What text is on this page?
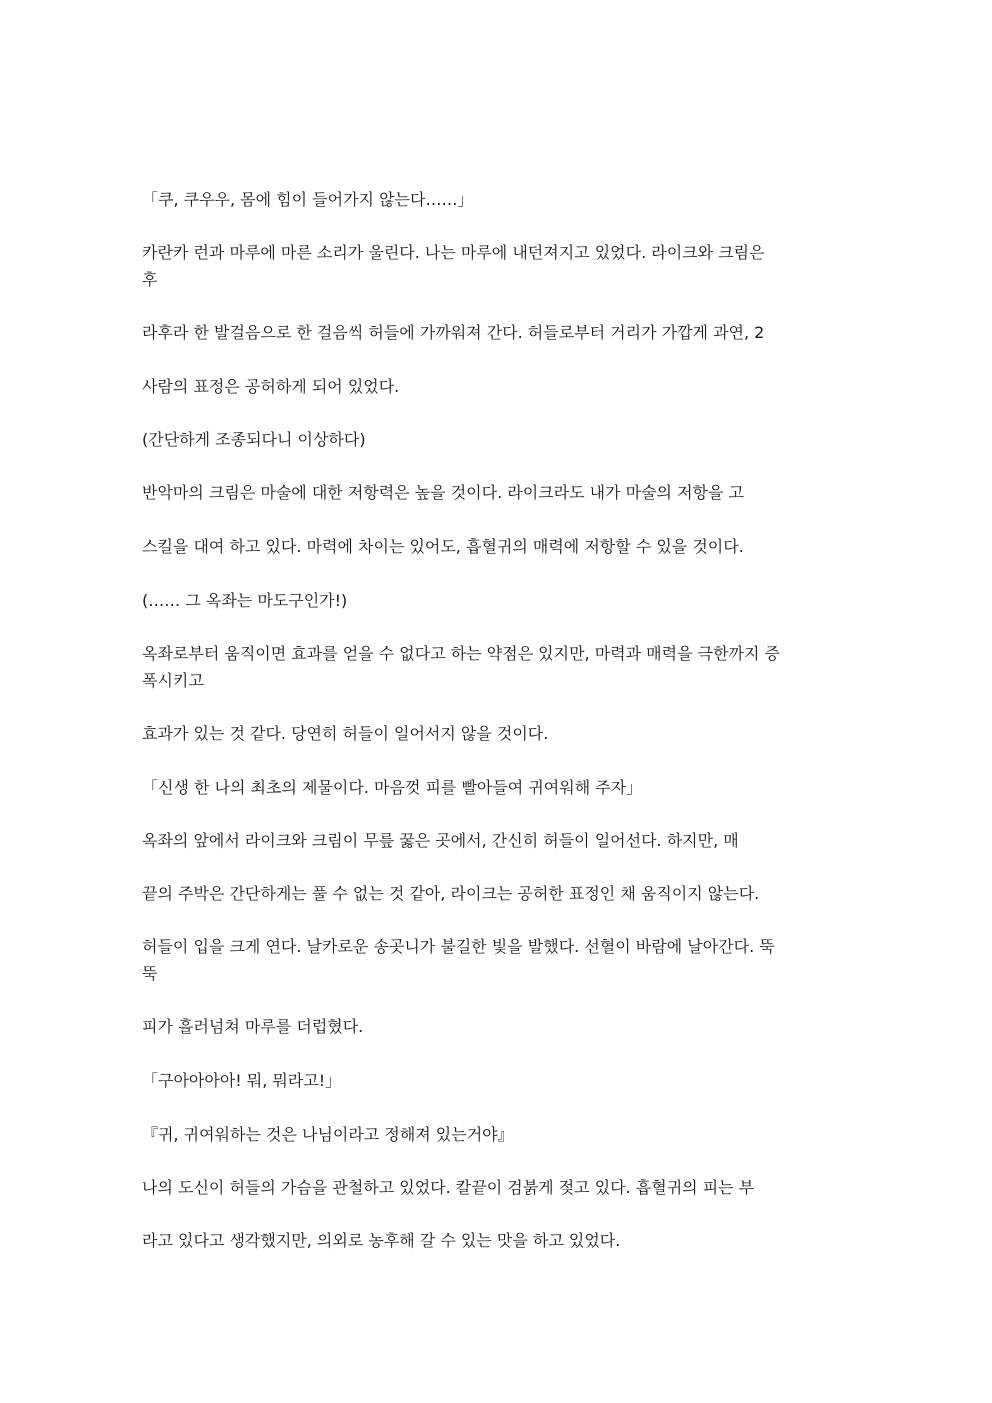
「쿠, 쿠우우, 몸에 힘이 들어가지 않는다……」
카란카 런과 마루에 마른 소리가 울린다. 나는 마루에 내던져지고 있었다. 라이크와 크림은
후
라후라 한 발걸음으로 한 걸음씩 허들에 가까워져 간다. 허들로부터 거리가 가깝게 과연, 2
사람의 표정은 공허하게 되어 있었다.
(간단하게 조종되다니 이상하다)
반악마의 크림은 마술에 대한 저항력은 높을 것이다. 라이크라도 내가 마술의 저항을 고
스킬을 대여 하고 있다. 마력에 차이는 있어도, 흡혈귀의 매력에 저항할 수 있을 것이다.
(…… 그 옥좌는 마도구인가!)
옥좌로부터 움직이면 효과를 얻을 수 없다고 하는 약점은 있지만, 마력과 매력을 극한까지 증
폭시키고
효과가 있는 것 같다. 당연히 허들이 일어서지 않을 것이다.
「신생 한 나의 최초의 제물이다. 마음껏 피를 빨아들여 귀여워해 주자」
옥좌의 앞에서 라이크와 크림이 무릎 꿇은 곳에서, 간신히 허들이 일어선다. 하지만, 매
끝의 주박은 간단하게는 풀 수 없는 것 같아, 라이크는 공허한 표정인 채 움직이지 않는다.
허들이 입을 크게 연다. 날카로운 송곳니가 불길한 빛을 발했다. 선혈이 바람에 날아간다. 뚝
뚝
피가 흘러넘쳐 마루를 더럽혔다.
「구아아아아! 뭐, 뭐라고!」
『귀, 귀여워하는 것은 나님이라고 정해져 있는거야』
나의 도신이 허들의 가슴을 관철하고 있었다. 칼끝이 검붉게 젖고 있다. 흡혈귀의 피는 부
라고 있다고 생각했지만, 의외로 농후해 갈 수 있는 맛을 하고 있었다.
